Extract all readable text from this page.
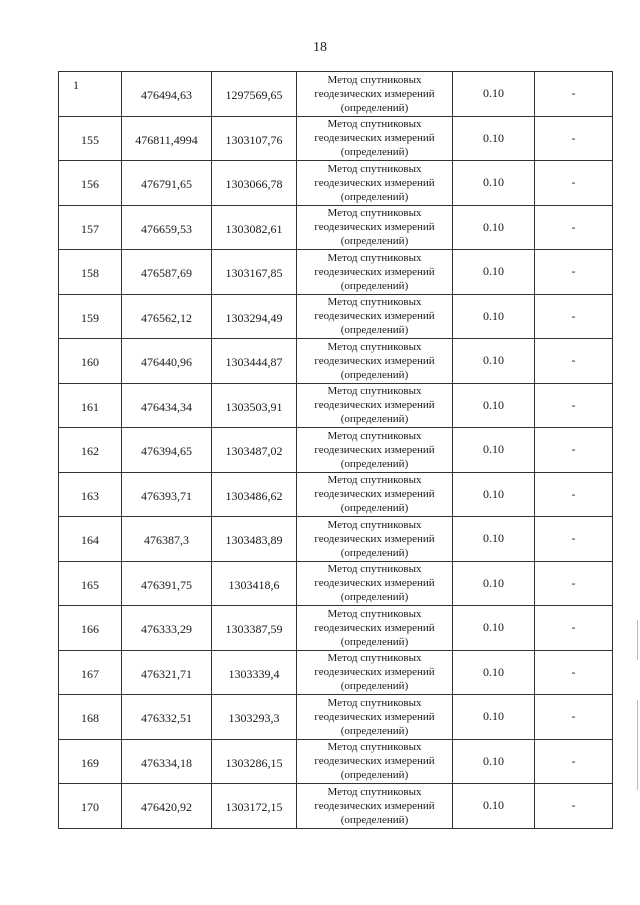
18
1	476494,63	1297569,65	Метод спутниковых
геодезических измерений
(определений)	0.10	-
155	476811,4994	1303107,76	Метод спутниковых
геодезических измерений
(определений)	0.10	-
156	476791,65	1303066,78	Метод спутниковых
геодезических измерений
(определений)	0.10	-
157	476659,53	1303082,61	Метод спутниковых
геодезических измерений
(определений)	0.10	-
158	476587,69	1303167,85	Метод спутниковых
геодезических измерений
(определений)	0.10	-
159	476562,12	1303294,49	Метод спутниковых
геодезических измерений
(определений)	0.10	-
160	476440,96	1303444,87	Метод спутниковых
геодезических измерений
(определений)	0.10	-
161	476434,34	1303503,91	Метод спутниковых
геодезических измерений
(определений)	0.10	-
162	476394,65	1303487,02	Метод спутниковых
геодезических измерений
(определений)	0.10	-
163	476393,71	1303486,62	Метод спутниковых
геодезических измерений
(определений)	0.10	-
164	476387,3	1303483,89	Метод спутниковых
геодезических измерений
(определений)	0.10	-
165	476391,75	1303418,6	Метод спутниковых
геодезических измерений
(определений)	0.10	-
166	476333,29	1303387,59	Метод спутниковых
геодезических измерений
(определений)	0.10	-
167	476321,71	1303339,4	Метод спутниковых
геодезических измерений
(определений)	0.10	-
168	476332,51	1303293,3	Метод спутниковых
геодезических измерений
(определений)	0.10	-
169	476334,18	1303286,15	Метод спутниковых
геодезических измерений
(определений)	0.10	-
170	476420,92	1303172,15	Метод спутниковых
геодезических измерений
(определений)	0.10	-
